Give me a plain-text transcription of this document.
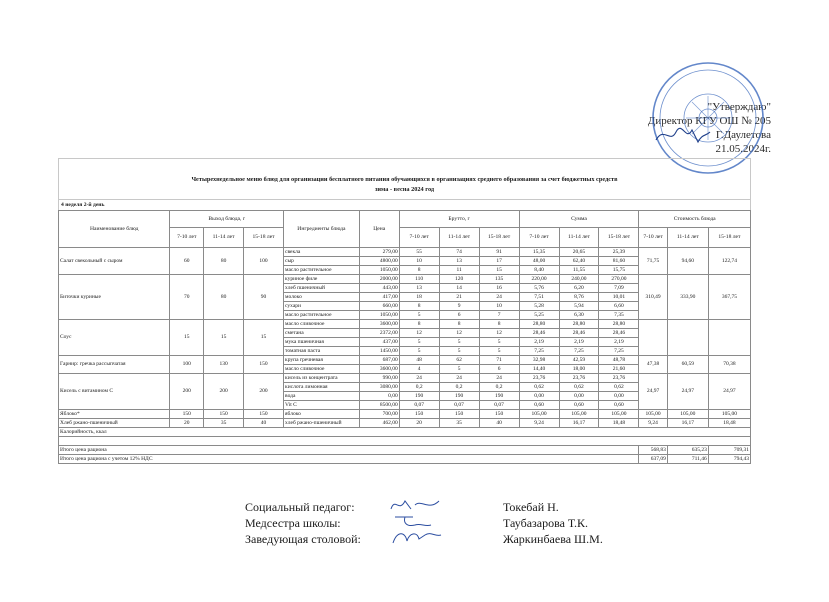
"Утверждаю"
Директор КГУ ОШ № 205
Г.Даулетова
21.05.2024г.
Четырехнедельное меню блюд для организации бесплатного питания обучающихся в организациях среднего образования за счет бюджетных средств
зима - весна 2024 год
4 неделя 2-й день
Наименование блюд	Выход блюда, г			Ингредиенты блюда	Цена	Брутто, г			Сумма			Стоимость блюда		
	7-10 лет	11-14 лет	15-18 лет			7-10 лет	11-14 лет	15-18 лет	7-10 лет	11-14 лет	15-18 лет	7-10 лет	11-14 лет	15-18 лет
Салат свекольный с сыром	60	80	100	свекла	279,00	55	74	91	15,35	20,65	25,39	71,75	94,60	122,74
				сыр	4800,00	10	13	17	48,00	62,40	81,60			
				масло растительное	1050,00	8	11	15	8,40	11,55	15,75			
Биточки куриные	70	80	90	куриное филе	2000,00	110	120	135	220,00	240,00	270,00	310,49	333,90	367,75
				хлеб пшеничный	443,00	13	14	16	5,76	6,20	7,09			
				молоко	417,00	18	21	24	7,51	8,76	10,01			
				сухари	660,00	8	9	10	5,28	5,94	6,60			
				масло растительное	1050,00	5	6	7	5,25	6,30	7,35			
Соус	15	15	15	масло сливочное	3600,00	8	8	8	28,80	28,80	28,80			
				сметана	2372,00	12	12	12	28,46	28,46	28,46			
				мука пшеничная	437,00	5	5	5	2,19	2,19	2,19			
				томатная паста	1450,00	5	5	5	7,25	7,25	7,25			
Гарнир: гречка рассыпчатая	100	130	150	крупа гречневая	687,00	48	62	71	32,98	42,59	48,78	47,38	60,59	70,38
				масло сливочное	3600,00	4	5	6	14,40	18,00	21,60			
Кисель с витамином С	200	200	200	кисель из концентрата	990,00	24	24	24	23,76	23,76	23,76	24,97	24,97	24,97
				кислота лимонная	3080,00	0,2	0,2	0,2	0,62	0,62	0,62			
				вода	0,00	190	190	190	0,00	0,00	0,00			
				Vit C	8500,00	0,07	0,07	0,07	0,60	0,60	0,60			
Яблоко*	150	150	150	яблоко	700,00	150	150	150	105,00	105,00	105,00	105,00	105,00	105,00
Хлеб ржано-пшеничный	20	35	40	хлеб ржано-пшеничный	462,00	20	35	40	9,24	16,17	18,48	9,24	16,17	18,48
Калорийность, ккал														

Итого цена рациона												568,83	635,23	709,31
Итого цена рациона с учетом 12% НДС												637,09	711,46	794,43
Социальный педагог:	Токебай Н.
Медсестра школы:	Таубазарова Т.К.
Заведующая столовой:	Жаркинбаева Ш.М.
